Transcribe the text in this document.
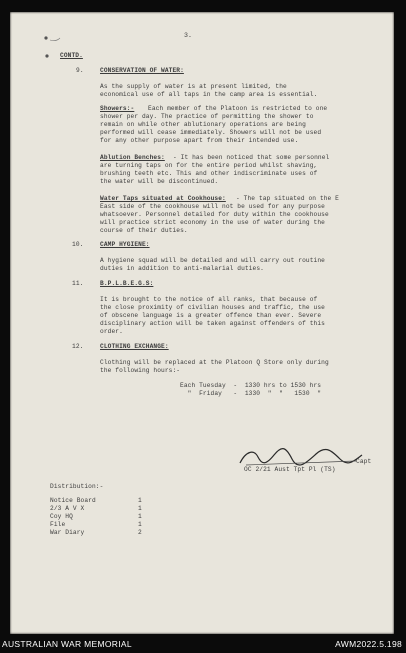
3.
CONTD.
9.	CONSERVATION OF WATER:
As the supply of water is at present limited, the
economical use of all taps in the camp area is essential.
Showers:- Each member of the Platoon is restricted to one
shower per day. The practice of permitting the shower to
remain on while other ablutionary operations are being
performed will cease immediately. Showers will not be used
for any other purpose apart from their intended use.
Ablution Benches: - It has been noticed that some personnel
are turning taps on for the entire period whilst shaving,
brushing teeth etc. This and other indiscriminate uses of
the water will be discontinued.
Water Taps situated at Cookhouse: - The tap situated on the E
East side of the cookhouse will not be used for any purpose
whatsoever. Personnel detailed for duty within the cookhouse
will practice strict economy in the use of water during the
course of their duties.
10.	CAMP HYGIENE:
A hygiene squad will be detailed and will carry out routine
duties in addition to anti-malarial duties.
11.	B.P.L.B.E.G.S:
It is brought to the notice of all ranks, that because of
the close proximity of civilian houses and traffic, the use
of obscene language is a greater offence than ever. Severe
disciplinary action will be taken against offenders of this
order.
12.	CLOTHING EXCHANGE:
Clothing will be replaced at the Platoon Q Store only during
the following hours:-
Each Tuesday  -  1330 hrs to 1530 hrs
"  Friday   -  1330  "  "   1530  "
Capt
OC 2/21 Aust Tpt Pl (TS)
Distribution:-
Notice Board	1
2/3 A V X	1
Coy HQ	1
File	1
War Diary	2
AUSTRALIAN WAR MEMORIAL	AWM2022.5.198
